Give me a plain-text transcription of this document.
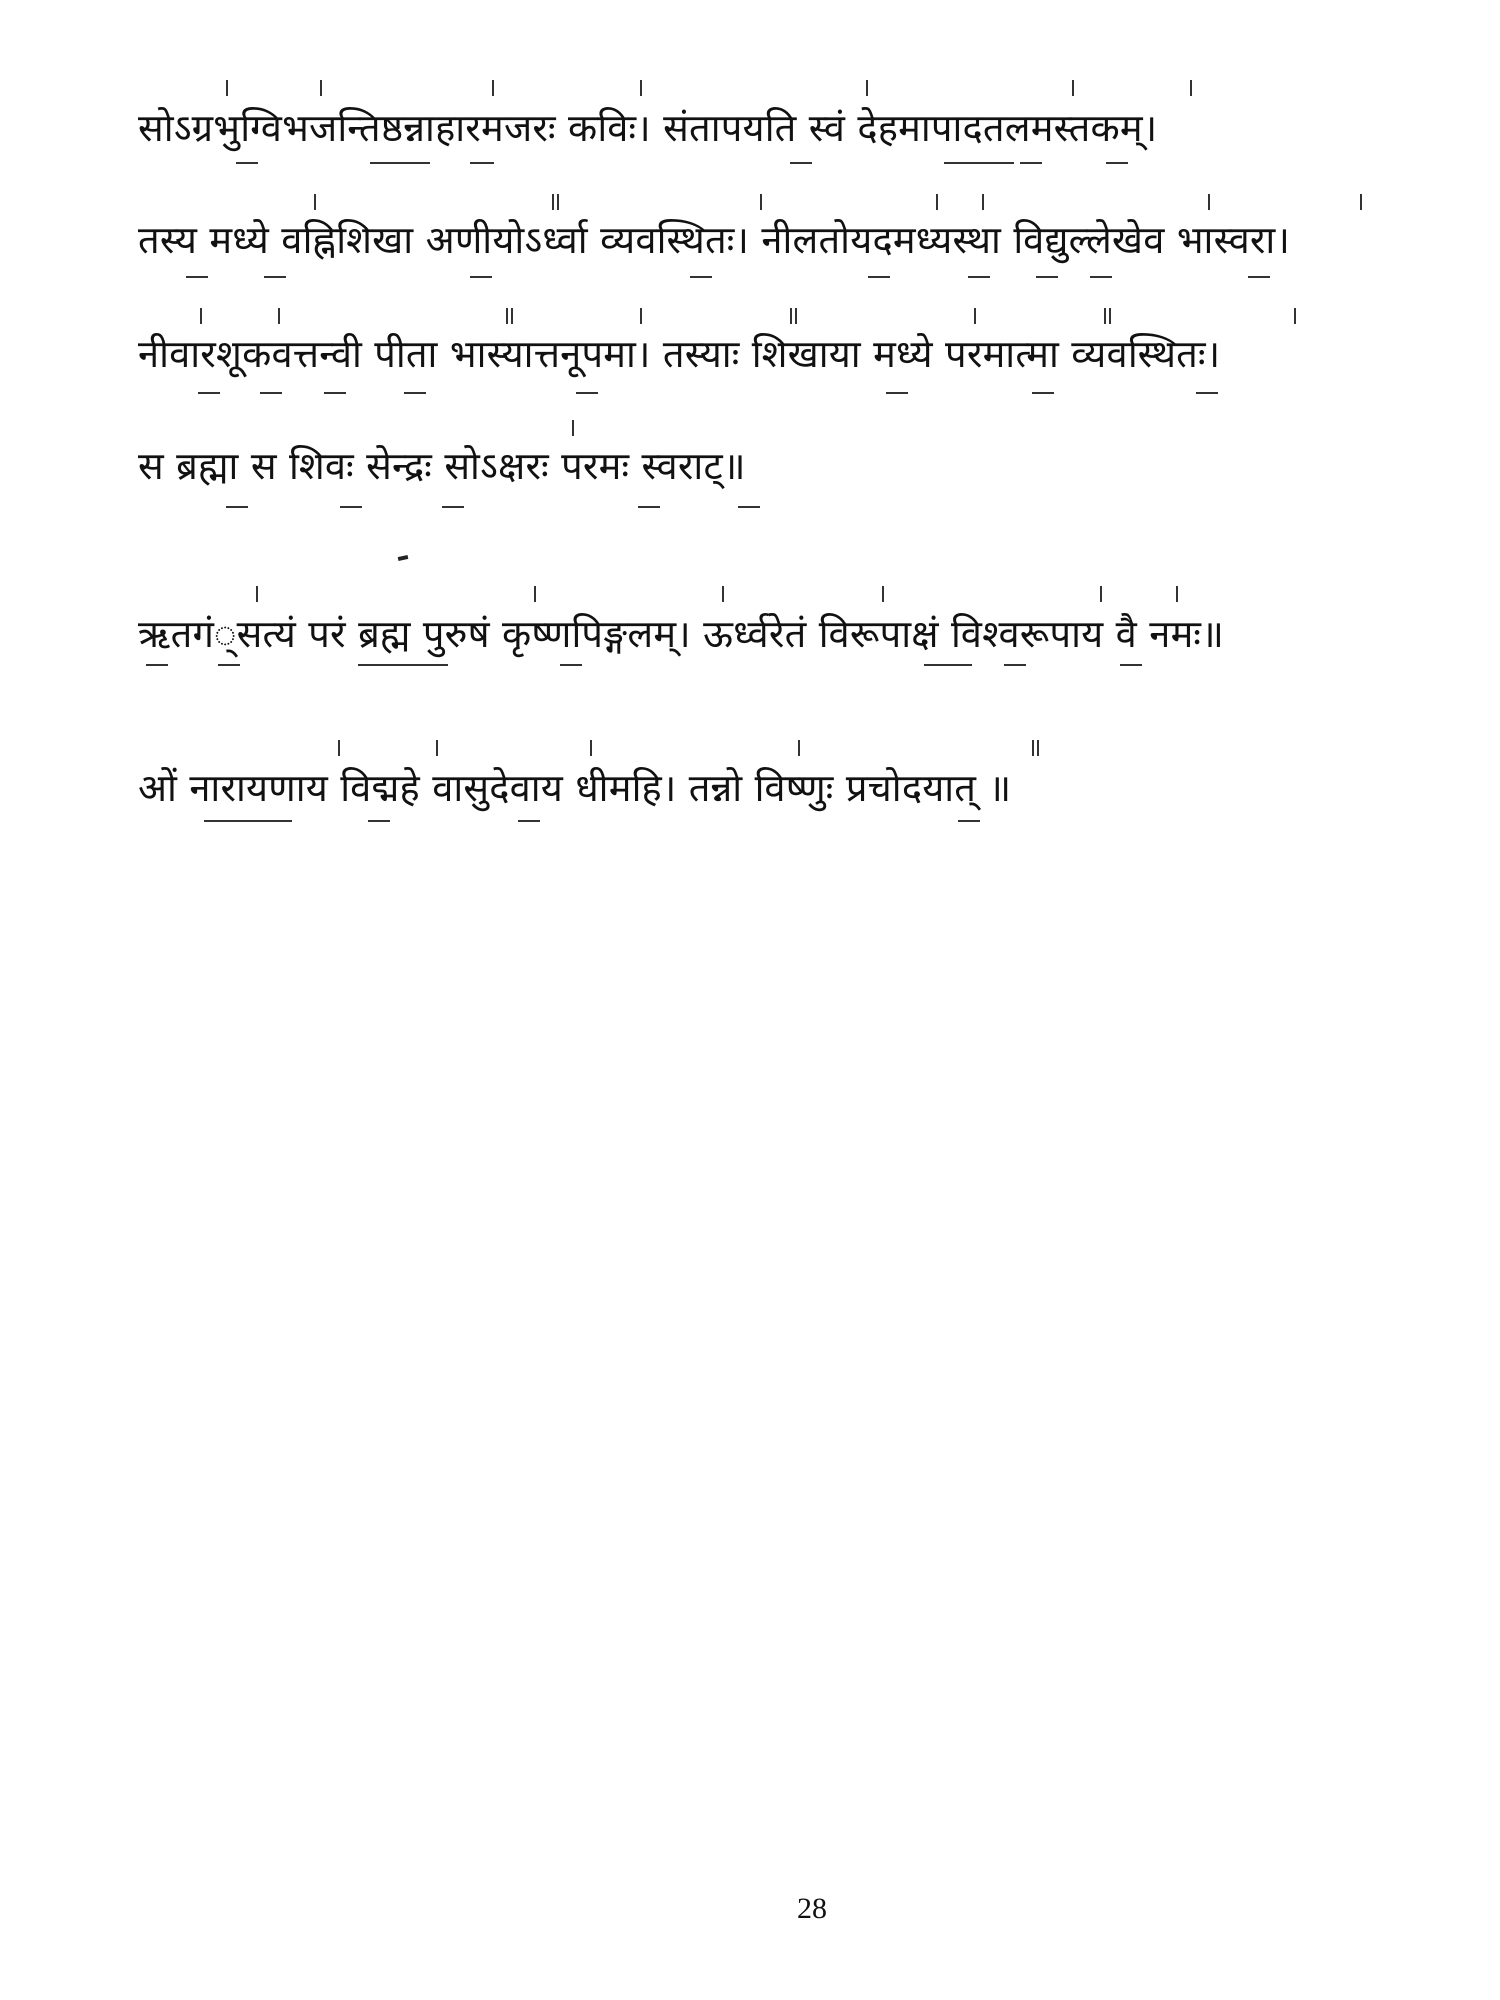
सोऽग्रभुग्विभजन्तिष्ठन्नाहारमजरः कविः। संतापयति स्वं देहमापादतलमस्तकम्।
तस्य मध्ये वह्निशिखा अणीयोऽर्ध्वा व्यवस्थितः। नीलतोयदमध्यस्था विद्युल्लेखेव भास्वरा।
नीवारशूकवत्तन्वी पीता भास्यात्तनूपमा। तस्याः शिखाया मध्ये परमात्मा व्यवस्थितः।
स ब्रह्मा स शिवः सेन्द्रः सोऽक्षरः परमः स्वराट्॥
ऋतगं्सत्यं परं ब्रह्म पुरुषं कृष्णपिङ्गलम्। ऊर्ध्वरेतं विरूपाक्षं विश्वरूपाय वै नमः॥
ओं नारायणाय विद्महे वासुदेवाय धीमहि। तन्नो विष्णुः प्रचोदयात् ॥
28
